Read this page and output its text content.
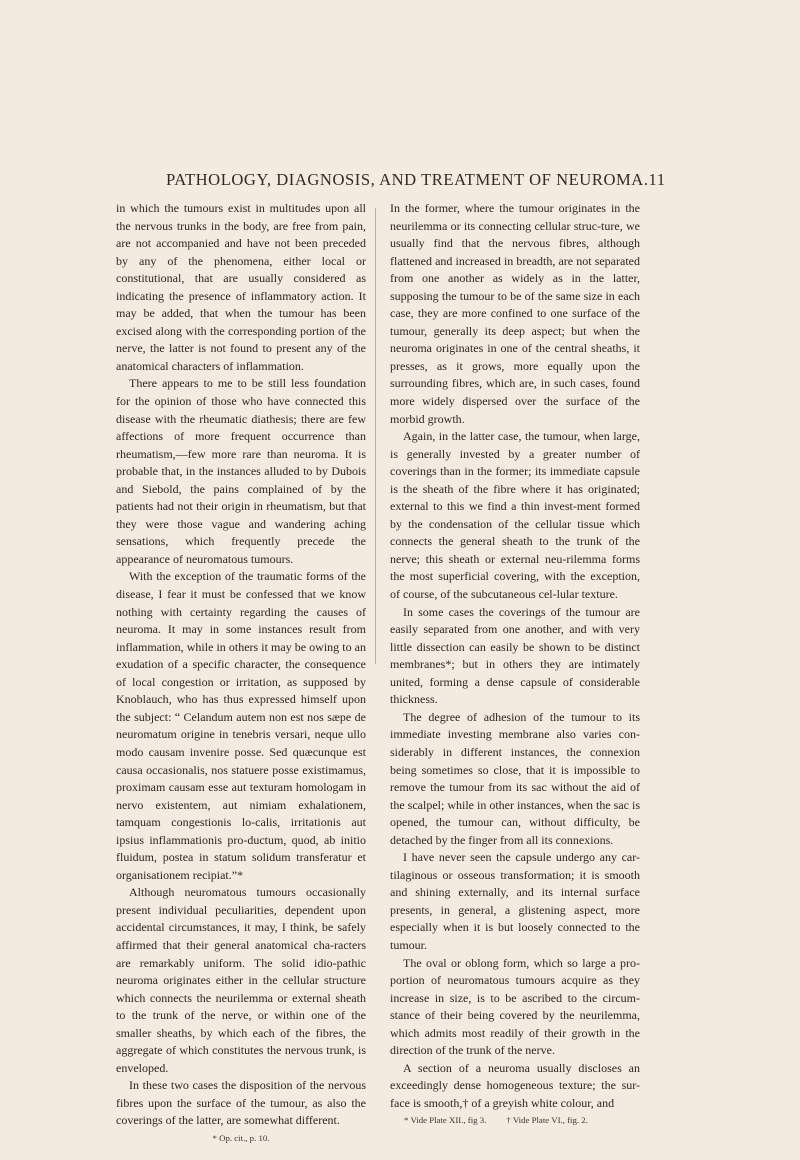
PATHOLOGY, DIAGNOSIS, AND TREATMENT OF NEUROMA. 11

in which the tumours exist in multitudes upon all the nervous trunks in the body, are free from pain, are not accompanied and have not been preceded by any of the phenomena, either local or constitutional, that are usually considered as indicating the presence of inflammatory action. It may be added, that when the tumour has been excised along with the corresponding portion of the nerve, the latter is not found to present any of the anatomical characters of inflammation.

There appears to me to be still less foundation for the opinion of those who have connected this disease with the rheumatic diathesis; there are few affections of more frequent occurrence than rheumatism,—few more rare than neuroma. It is probable that, in the instances alluded to by Dubois and Siebold, the pains complained of by the patients had not their origin in rheumatism, but that they were those vague and wandering aching sensations, which frequently precede the appearance of neuromatous tumours.

With the exception of the traumatic forms of the disease, I fear it must be confessed that we know nothing with certainty regarding the causes of neuroma. It may in some instances result from inflammation, while in others it may be owing to an exudation of a specific character, the consequence of local congestion or irritation, as supposed by Knoblauch, who has thus expressed himself upon the subject: “ Celandum autem non est nos sæpe de neuromatum origine in tenebris versari, neque ullo modo causam invenire posse. Sed quæcunque est causa occasionalis, nos statuere posse existimamus, proximam causam esse aut texturam homologam in nervo existentem, aut nimiam exhalationem, tamquam congestionis lo-calis, irritationis aut ipsius inflammationis pro-ductum, quod, ab initio fluidum, postea in statum solidum transferatur et organisationem recipiat.”*

Although neuromatous tumours occasionally present individual peculiarities, dependent upon accidental circumstances, it may, I think, be safely affirmed that their general anatomical cha-racters are remarkably uniform. The solid idio-pathic neuroma originates either in the cellular structure which connects the neurilemma or external sheath to the trunk of the nerve, or within one of the smaller sheaths, by which each of the fibres, the aggregate of which constitutes the nervous trunk, is enveloped.

In these two cases the disposition of the nervous fibres upon the surface of the tumour, as also the coverings of the latter, are somewhat different.

* Op. cit., p. 10.

In the former, where the tumour originates in the neurilemma or its connecting cellular struc-ture, we usually find that the nervous fibres, although flattened and increased in breadth, are not separated from one another as widely as in the latter, supposing the tumour to be of the same size in each case, they are more confined to one surface of the tumour, generally its deep aspect; but when the neuroma originates in one of the central sheaths, it presses, as it grows, more equally upon the surrounding fibres, which are, in such cases, found more widely dispersed over the surface of the morbid growth.

Again, in the latter case, the tumour, when large, is generally invested by a greater number of coverings than in the former; its immediate capsule is the sheath of the fibre where it has originated; external to this we find a thin invest-ment formed by the condensation of the cellular tissue which connects the general sheath to the trunk of the nerve; this sheath or external neu-rilemma forms the most superficial covering, with the exception, of course, of the subcutaneous cel-lular texture.

In some cases the coverings of the tumour are easily separated from one another, and with very little dissection can easily be shown to be distinct membranes*; but in others they are intimately united, forming a dense capsule of considerable thickness.

The degree of adhesion of the tumour to its immediate investing membrane also varies con-siderably in different instances, the connexion being sometimes so close, that it is impossible to remove the tumour from its sac without the aid of the scalpel; while in other instances, when the sac is opened, the tumour can, without difficulty, be detached by the finger from all its connexions.

I have never seen the capsule undergo any car-tilaginous or osseous transformation; it is smooth and shining externally, and its internal surface presents, in general, a glistening aspect, more especially when it is but loosely connected to the tumour.

The oval or oblong form, which so large a pro-portion of neuromatous tumours acquire as they increase in size, is to be ascribed to the circum-stance of their being covered by the neurilemma, which admits most readily of their growth in the direction of the trunk of the nerve.

A section of a neuroma usually discloses an exceedingly dense homogeneous texture; the sur-face is smooth,† of a greyish white colour, and

* Vide Plate XII., fig 3. † Vide Plate VI., fig. 2.
